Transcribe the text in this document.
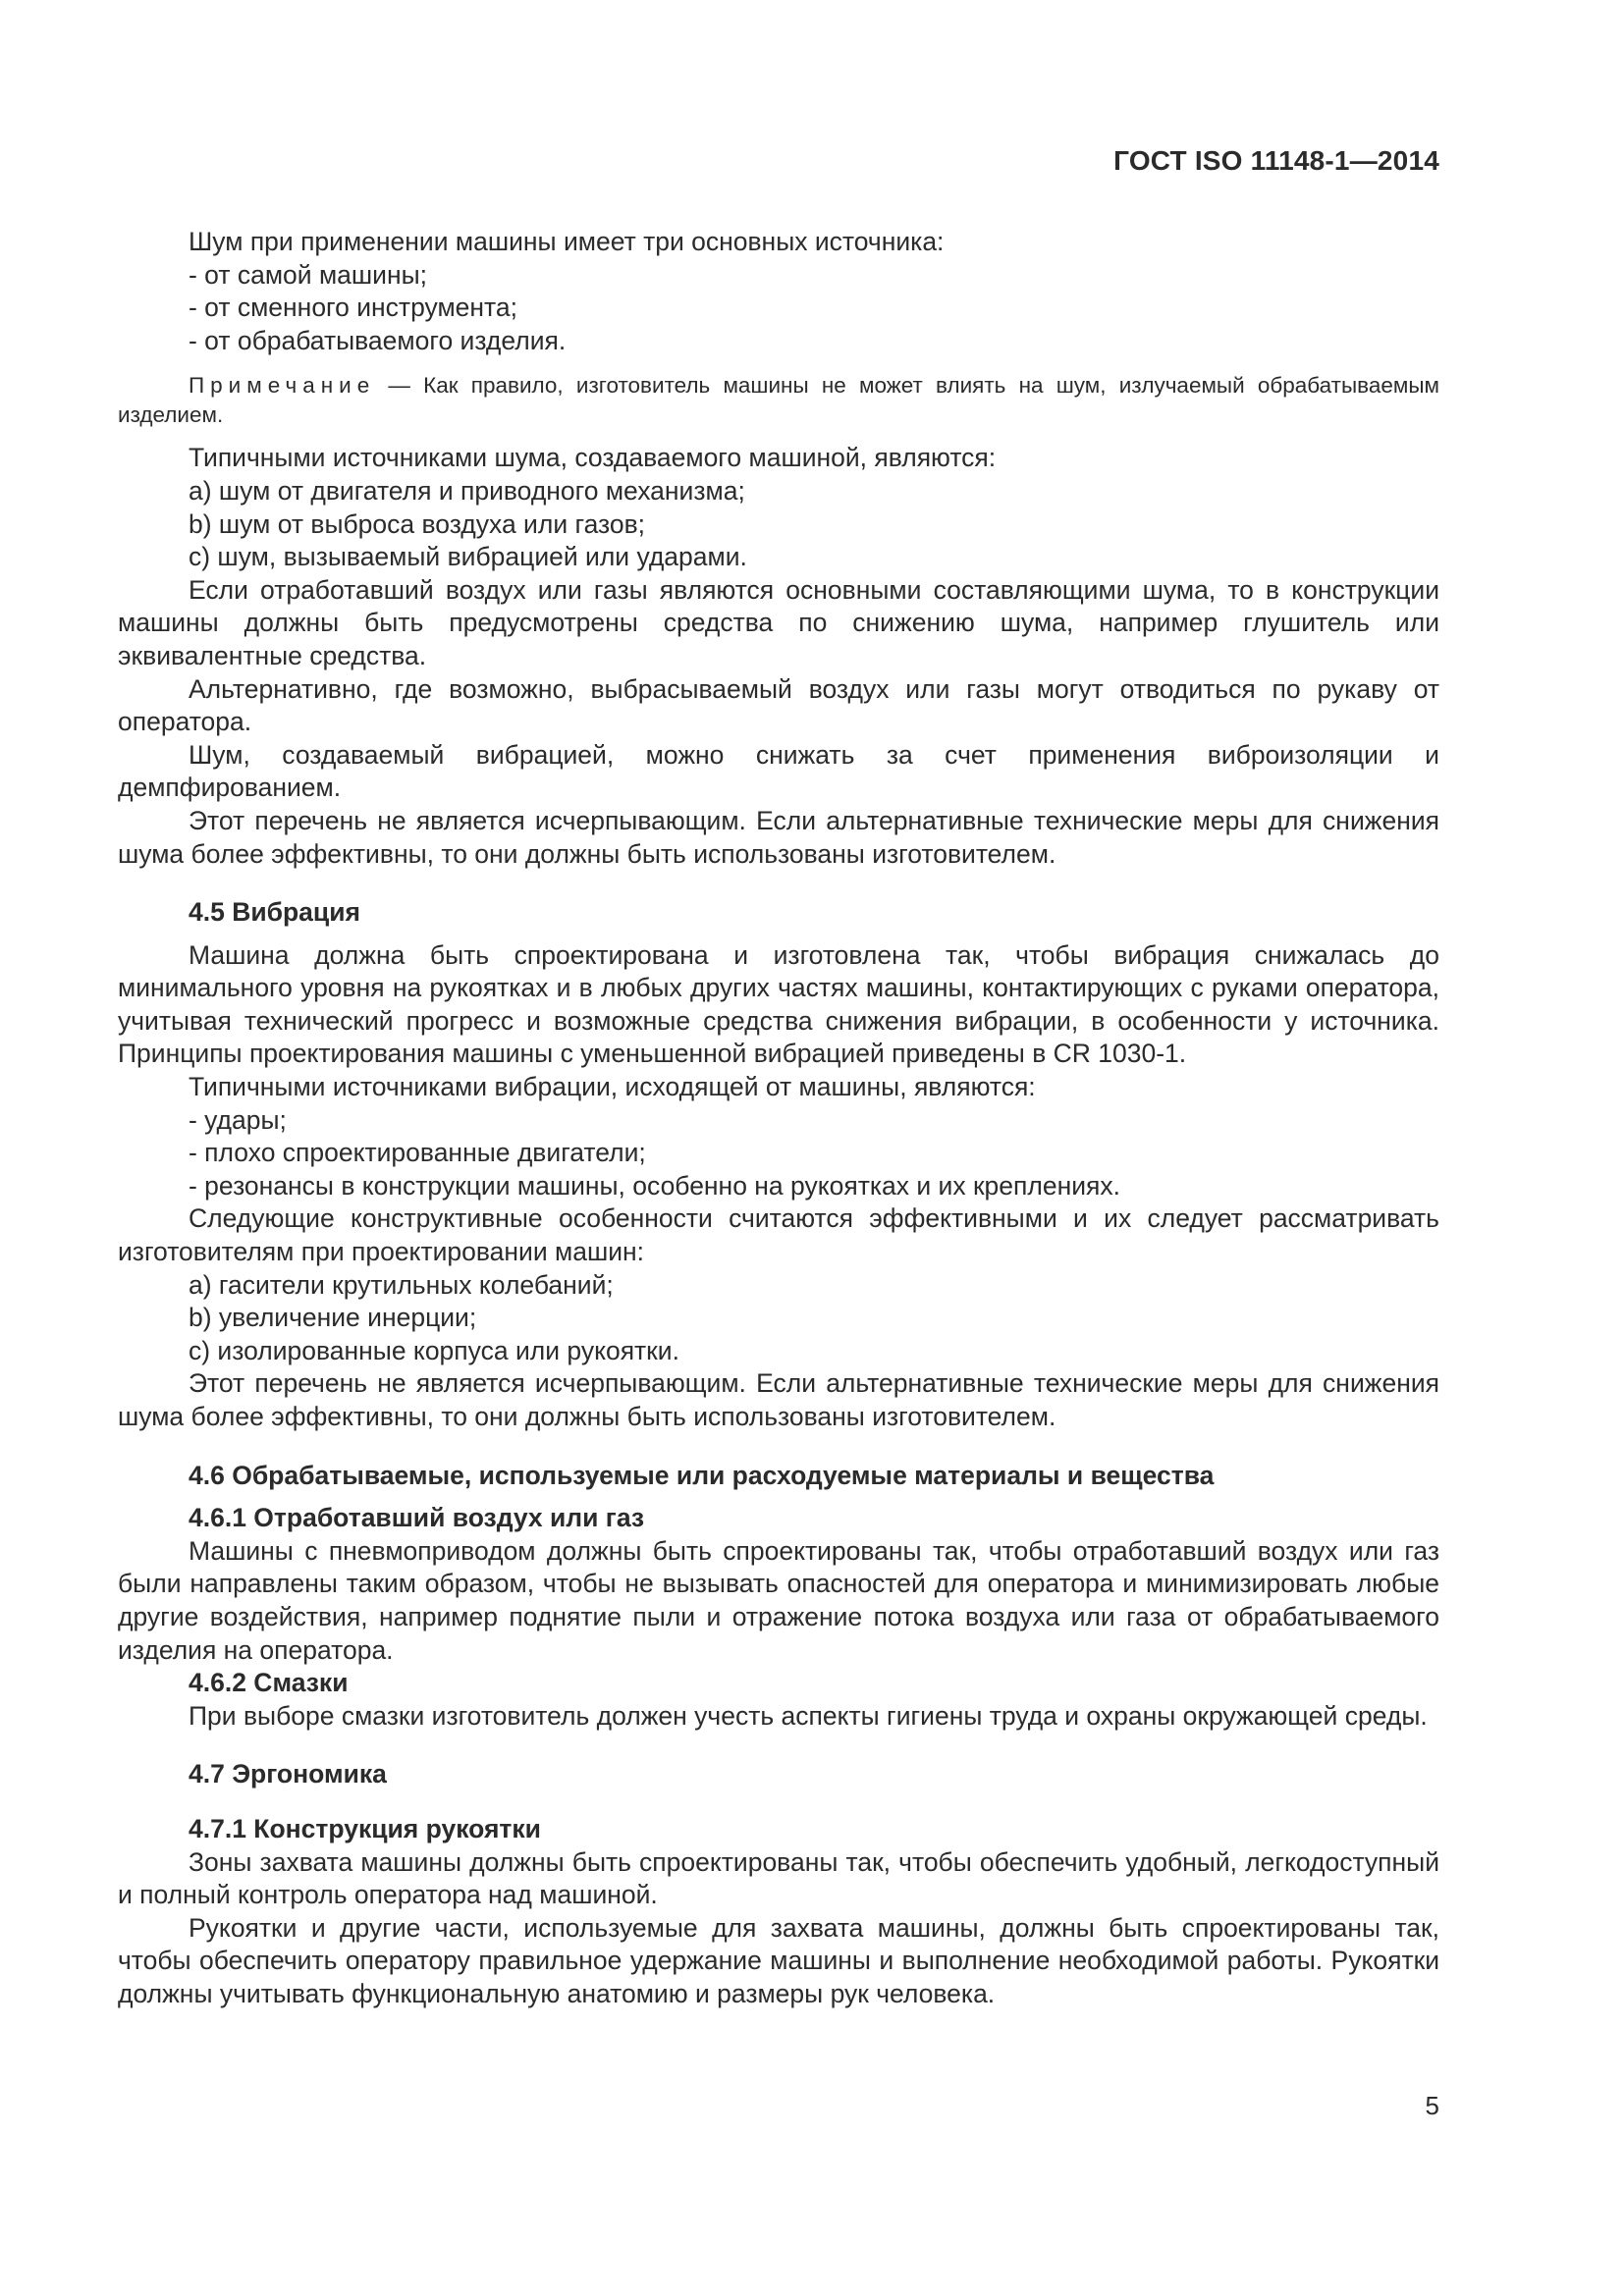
ГОСТ ISO 11148-1—2014

Шум при применении машины имеет три основных источника:

- от самой машины;

- от сменного инструмента;

- от обрабатываемого изделия.

Примечание — Как правило, изготовитель машины не может влиять на шум, излучаемый обрабатываемым изделием.

Типичными источниками шума, создаваемого машиной, являются:

a) шум от двигателя и приводного механизма;

b) шум от выброса воздуха или газов;

c) шум, вызываемый вибрацией или ударами.

Если отработавший воздух или газы являются основными составляющими шума, то в конструкции машины должны быть предусмотрены средства по снижению шума, например глушитель или эквивалентные средства.

Альтернативно, где возможно, выбрасываемый воздух или газы могут отводиться по рукаву от оператора.

Шум, создаваемый вибрацией, можно снижать за счет применения виброизоляции и демпфированием.

Этот перечень не является исчерпывающим. Если альтернативные технические меры для снижения шума более эффективны, то они должны быть использованы изготовителем.

4.5 Вибрация

Машина должна быть спроектирована и изготовлена так, чтобы вибрация снижалась до минимального уровня на рукоятках и в любых других частях машины, контактирующих с руками оператора, учитывая технический прогресс и возможные средства снижения вибрации, в особенности у источника. Принципы проектирования машины с уменьшенной вибрацией приведены в CR 1030-1.

Типичными источниками вибрации, исходящей от машины, являются:

- удары;

- плохо спроектированные двигатели;

- резонансы в конструкции машины, особенно на рукоятках и их креплениях.

Следующие конструктивные особенности считаются эффективными и их следует рассматривать изготовителям при проектировании машин:

a) гасители крутильных колебаний;

b) увеличение инерции;

c) изолированные корпуса или рукоятки.

Этот перечень не является исчерпывающим. Если альтернативные технические меры для снижения шума более эффективны, то они должны быть использованы изготовителем.

4.6 Обрабатываемые, используемые или расходуемые материалы и вещества

4.6.1 Отработавший воздух или газ

Машины с пневмоприводом должны быть спроектированы так, чтобы отработавший воздух или газ были направлены таким образом, чтобы не вызывать опасностей для оператора и минимизировать любые другие воздействия, например поднятие пыли и отражение потока воздуха или газа от обрабатываемого изделия на оператора.

4.6.2 Смазки

При выборе смазки изготовитель должен учесть аспекты гигиены труда и охраны окружающей среды.

4.7 Эргономика

4.7.1 Конструкция рукоятки

Зоны захвата машины должны быть спроектированы так, чтобы обеспечить удобный, легкодоступный и полный контроль оператора над машиной.

Рукоятки и другие части, используемые для захвата машины, должны быть спроектированы так, чтобы обеспечить оператору правильное удержание машины и выполнение необходимой работы. Рукоятки должны учитывать функциональную анатомию и размеры рук человека.

5
